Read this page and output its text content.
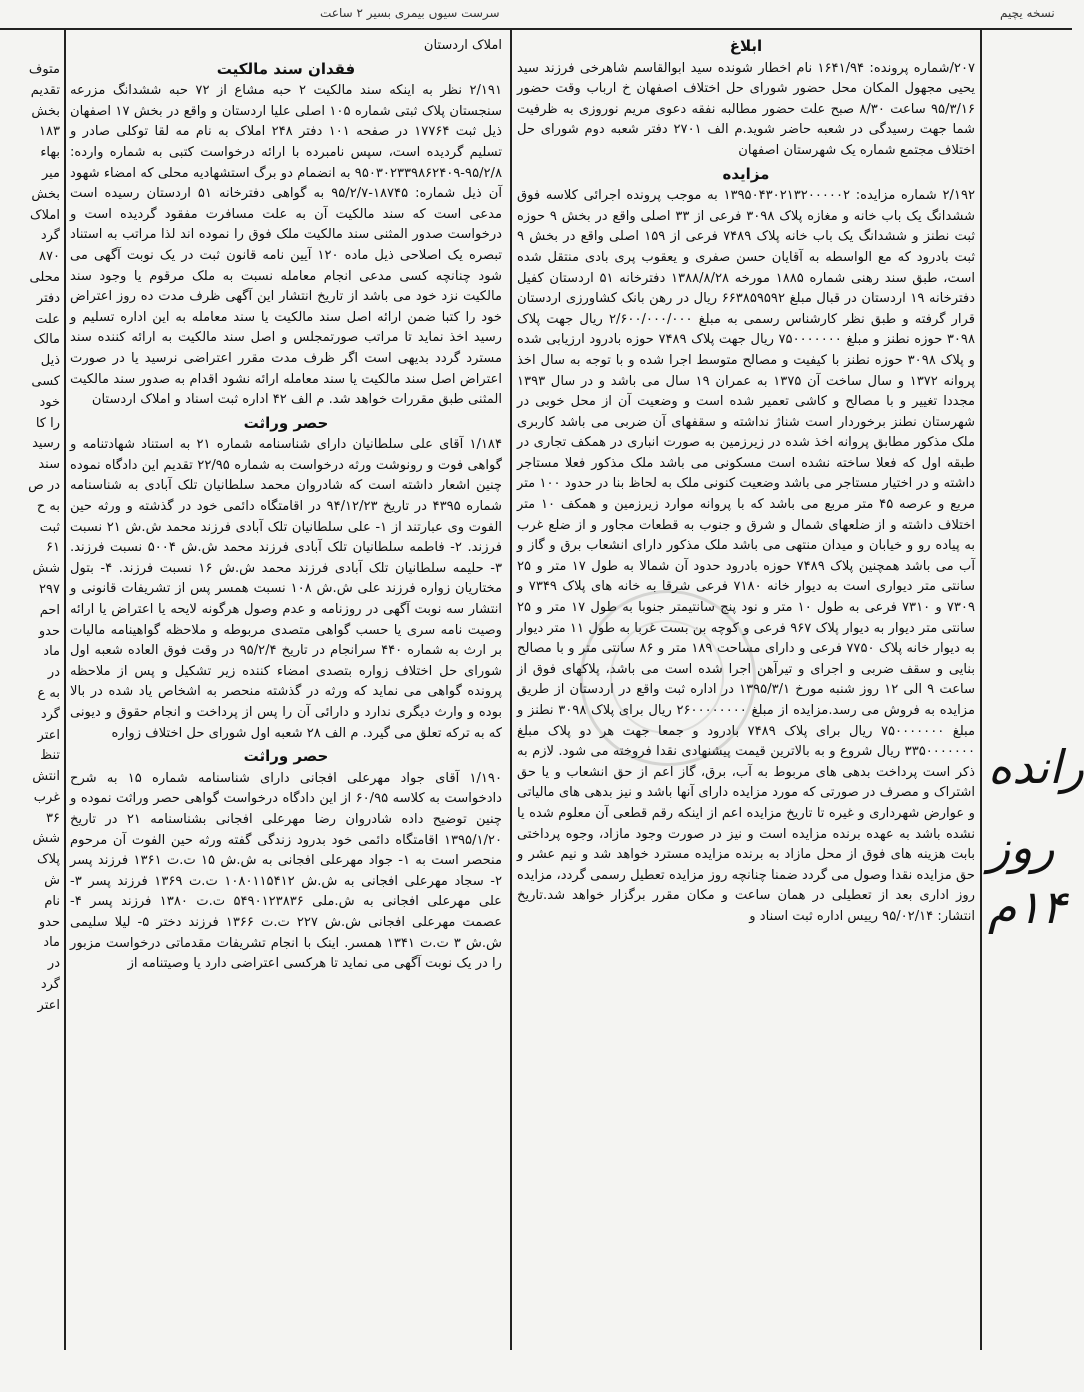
نسخه یچیم
سرست سیوں بیمری بسیر ۲ ساعت
متوف
تقدیم
بخش
۱۸۳
بهاء
میر
بخش
املاک
گرد
۸۷۰
محلی
دفتر
علت
مالک
ذیل
کسی
خود
را کا
رسید
سند
در ص
به ح
ثبت
۶۱
شش
۲۹۷
احم
حدو
ماد
در
به ع
گرد
اعتر
تنظ
انتش
غرب
۳۶
شش
پلاک
ش
نام
حدو
ماد
در
گرد
اعتر
املاک اردستان
فقدان سند مالکیت

۲/۱۹۱ نظر به اینکه سند مالکیت ۲ حبه مشاع از ۷۲ حبه ششدانگ مزرعه سنجستان پلاک ثبتی شماره ۱۰۵ اصلی علیا اردستان و واقع در بخش ۱۷ اصفهان ذیل ثبت ۱۷۷۶۴ در صفحه ۱۰۱ دفتر ۲۴۸ املاک به نام مه لقا توکلی صادر و تسلیم گردیده است، سپس نامبرده با ارائه درخواست کتبی به شماره وارده: ۹۵/۲/۸-۹۵۰۳۰۲۳۳۹۸۶۲۴۰۹ به انضمام دو برگ استشهادیه محلی که امضاء شهود آن ذیل شماره: ۱۸۷۴۵-۹۵/۲/۷ به گواهی دفترخانه ۵۱ اردستان رسیده است مدعی است که سند مالکیت آن به علت مسافرت مفقود گردیده است و درخواست صدور المثنی سند مالکیت ملک فوق را نموده اند لذا مراتب به استناد تبصره یک اصلاحی ذیل ماده ۱۲۰ آیین نامه قانون ثبت در یک نوبت آگهی می شود چنانچه کسی مدعی انجام معامله نسبت به ملک مرقوم یا وجود سند مالکیت نزد خود می باشد از تاریخ انتشار این آگهی ظرف مدت ده روز اعتراض خود را کتبا ضمن ارائه اصل سند مالکیت یا سند معامله به این اداره تسلیم و رسید اخذ نماید تا مراتب صورتمجلس و اصل سند مالکیت به ارائه کننده سند مسترد گردد بدیهی است اگر ظرف مدت مقرر اعتراضی نرسید یا در صورت اعتراض اصل سند مالکیت یا سند معامله ارائه نشود اقدام به صدور سند مالکیت المثنی طبق مقررات خواهد شد. م الف ۴۲ اداره ثبت اسناد و املاک اردستان

حصر وراثت

۱/۱۸۴ آقای علی سلطانیان دارای شناسنامه شماره ۲۱ به استناد شهادتنامه و گواهی فوت و رونوشت ورثه درخواست به شماره ۲۲/۹۵ تقدیم این دادگاه نموده چنین اشعار داشته است که شادروان محمد سلطانیان تلک آبادی به شناسنامه شماره ۴۳۹۵ در تاریخ ۹۴/۱۲/۲۳ در اقامتگاه دائمی خود در گذشته و ورثه حین الفوت وی عبارتند از ۱- علی سلطانیان تلک آبادی فرزند محمد ش.ش ۲۱ نسبت فرزند. ۲- فاطمه سلطانیان تلک آبادی فرزند محمد ش.ش ۵۰۰۴ نسبت فرزند. ۳- حلیمه سلطانیان تلک آبادی فرزند محمد ش.ش ۱۶ نسبت فرزند. ۴- بتول مختاریان زواره فرزند علی ش.ش ۱۰۸ نسبت همسر پس از تشریفات قانونی و انتشار سه نوبت آگهی در روزنامه و عدم وصول هرگونه لایحه یا اعتراض یا ارائه وصیت نامه سری یا حسب گواهی متصدی مربوطه و ملاحظه گواهینامه مالیات بر ارث به شماره ۴۴۰ سرانجام در تاریخ ۹۵/۲/۴ در وقت فوق العاده شعبه اول شورای حل اختلاف زواره بتصدی امضاء کننده زیر تشکیل و پس از ملاحظه پرونده گواهی می نماید که ورثه در گذشته منحصر به اشخاص یاد شده در بالا بوده و وارث دیگری ندارد و دارائی آن را پس از پرداخت و انجام حقوق و دیونی که به ترکه تعلق می گیرد. م الف ۲۸ شعبه اول شورای حل اختلاف زواره

حصر وراثت

۱/۱۹۰ آقای جواد مهرعلی افجانی دارای شناسنامه شماره ۱۵ به شرح دادخواست به کلاسه ۶۰/۹۵ از این دادگاه درخواست گواهی حصر وراثت نموده و چنین توضیح داده شادروان رضا مهرعلی افجانی بشناسنامه ۲۱ در تاریخ ۱۳۹۵/۱/۲۰ اقامتگاه دائمی خود بدرود زندگی گفته ورثه حین الفوت آن مرحوم منحصر است به ۱- جواد مهرعلی افجانی به ش.ش ۱۵ ت.ت ۱۳۶۱ فرزند پسر ۲- سجاد مهرعلی افجانی به ش.ش ۱۰۸۰۱۱۵۴۱۲ ت.ت ۱۳۶۹ فرزند پسر ۳- علی مهرعلی افجانی به ش.ملی ۵۴۹۰۱۲۳۸۳۶ ت.ت ۱۳۸۰ فرزند پسر ۴- عصمت مهرعلی افجانی ش.ش ۲۲۷ ت.ت ۱۳۶۶ فرزند دختر ۵- لیلا سلیمی ش.ش ۳ ت.ت ۱۳۴۱ همسر. اینک با انجام تشریفات مقدماتی درخواست مزبور را در یک نوبت آگهی می نماید تا هرکسی اعتراضی دارد یا وصیتنامه از

ابلاغ

۲۰۷/شماره پرونده: ۱۶۴۱/۹۴ نام اخطار شونده سید ابوالقاسم شاهرخی فرزند سید یحیی مجهول المکان محل حضور شورای حل اختلاف اصفهان خ ارباب وقت حضور ۹۵/۳/۱۶ ساعت ۸/۳۰ صبح علت حضور مطالبه نفقه دعوی مریم نوروزی به ظرفیت شما جهت رسیدگی در شعبه حاضر شوید.م الف ۲۷۰۱ دفتر شعبه دوم شورای حل اختلاف مجتمع شماره یک شهرستان اصفهان

مزایده

۲/۱۹۲ شماره مزایده: ۱۳۹۵۰۴۳۰۲۱۳۲۰۰۰۰۰۲ به موجب پرونده اجرائی کلاسه فوق ششدانگ یک باب خانه و مغازه پلاک ۳۰۹۸ فرعی از ۳۳ اصلی واقع در بخش ۹ حوزه ثبت نطنز و ششدانگ یک باب خانه پلاک ۷۴۸۹ فرعی از ۱۵۹ اصلی واقع در بخش ۹ ثبت بادرود که مع الواسطه به آقایان حسن صفری و یعقوب پری بادی منتقل شده است، طبق سند رهنی شماره ۱۸۸۵ مورخه ۱۳۸۸/۸/۲۸ دفترخانه ۵۱ اردستان کفیل دفترخانه ۱۹ اردستان در قبال مبلغ ۶۶۳۸۵۹۵۹۲ ریال در رهن بانک کشاورزی اردستان قرار گرفته و طبق نظر کارشناس رسمی به مبلغ ۲/۶۰۰/۰۰۰/۰۰۰ ریال جهت پلاک ۳۰۹۸ حوزه نطنز و مبلغ ۷۵۰۰۰۰۰۰۰ ریال جهت پلاک ۷۴۸۹ حوزه بادرود ارزیابی شده و پلاک ۳۰۹۸ حوزه نطنز با کیفیت و مصالح متوسط اجرا شده و با توجه به سال اخذ پروانه ۱۳۷۲ و سال ساخت آن ۱۳۷۵ به عمران ۱۹ سال می باشد و در سال ۱۳۹۳ مجددا تغییر و با مصالح و کاشی تعمیر شده است و وضعیت آن از محل خوبی در شهرستان نطنز برخوردار است شناژ نداشته و سقفهای آن ضربی می باشد کاربری ملک مذکور مطابق پروانه اخذ شده در زیرزمین به صورت انباری در همکف تجاری در طبقه اول که فعلا ساخته نشده است مسکونی می باشد ملک مذکور فعلا مستاجر داشته و در اختیار مستاجر می باشد وضعیت کنونی ملک به لحاظ بنا در حدود ۱۰۰ متر مربع و عرصه ۴۵ متر مربع می باشد که با پروانه موارد زیرزمین و همکف ۱۰ متر اختلاف داشته و از ضلعهای شمال و شرق و جنوب به قطعات مجاور و از ضلع غرب به پیاده رو و خیابان و میدان منتهی می باشد ملک مذکور دارای انشعاب برق و گاز و آب می باشد همچنین پلاک ۷۴۸۹ حوزه بادرود حدود آن شمالا به طول ۱۷ متر و ۲۵ سانتی متر دیواری است به دیوار خانه ۷۱۸۰ فرعی شرقا به خانه های پلاک ۷۳۴۹ و ۷۳۰۹ و ۷۳۱۰ فرعی به طول ۱۰ متر و نود پنج سانتیمتر جنوبا به طول ۱۷ متر و ۲۵ سانتی متر دیوار به دیوار پلاک ۹۶۷ فرعی و کوچه بن بست غربا به طول ۱۱ متر دیوار به دیوار خانه پلاک ۷۷۵۰ فرعی و دارای مساحت ۱۸۹ متر و ۸۶ سانتی متر و با مصالح بنایی و سقف ضربی و اجرای و تیرآهن اجرا شده است می باشد، پلاکهای فوق از ساعت ۹ الی ۱۲ روز شنبه مورخ ۱۳۹۵/۳/۱ در اداره ثبت واقع در اردستان از طریق مزایده به فروش می رسد.مزایده از مبلغ ۲۶۰۰۰۰۰۰۰۰ ریال برای پلاک ۳۰۹۸ نطنز و مبلغ ۷۵۰۰۰۰۰۰۰ ریال برای پلاک ۷۴۸۹ بادرود و جمعا جهت هر دو پلاک مبلغ ۳۳۵۰۰۰۰۰۰۰ ریال شروع و به بالاترین قیمت پیشنهادی نقدا فروخته می شود. لازم به ذکر است پرداخت بدهی های مربوط به آب، برق، گاز اعم از حق انشعاب و یا حق اشتراک و مصرف در صورتی که مورد مزایده دارای آنها باشد و نیز بدهی های مالیاتی و عوارض شهرداری و غیره تا تاریخ مزایده اعم از اینکه رقم قطعی آن معلوم شده یا نشده باشد به عهده برنده مزایده است و نیز در صورت وجود مازاد، وجوه پرداختی بابت هزینه های فوق از محل مازاد به برنده مزایده مسترد خواهد شد و نیم عشر و حق مزایده نقدا وصول می گردد ضمنا چنانچه روز مزایده تعطیل رسمی گردد، مزایده روز اداری بعد از تعطیلی در همان ساعت و مکان مقرر برگزار خواهد شد.تاریخ انتشار: ۹۵/۰۲/۱۴ رییس اداره ثبت اسناد و

رانده
روز
۱۴م
